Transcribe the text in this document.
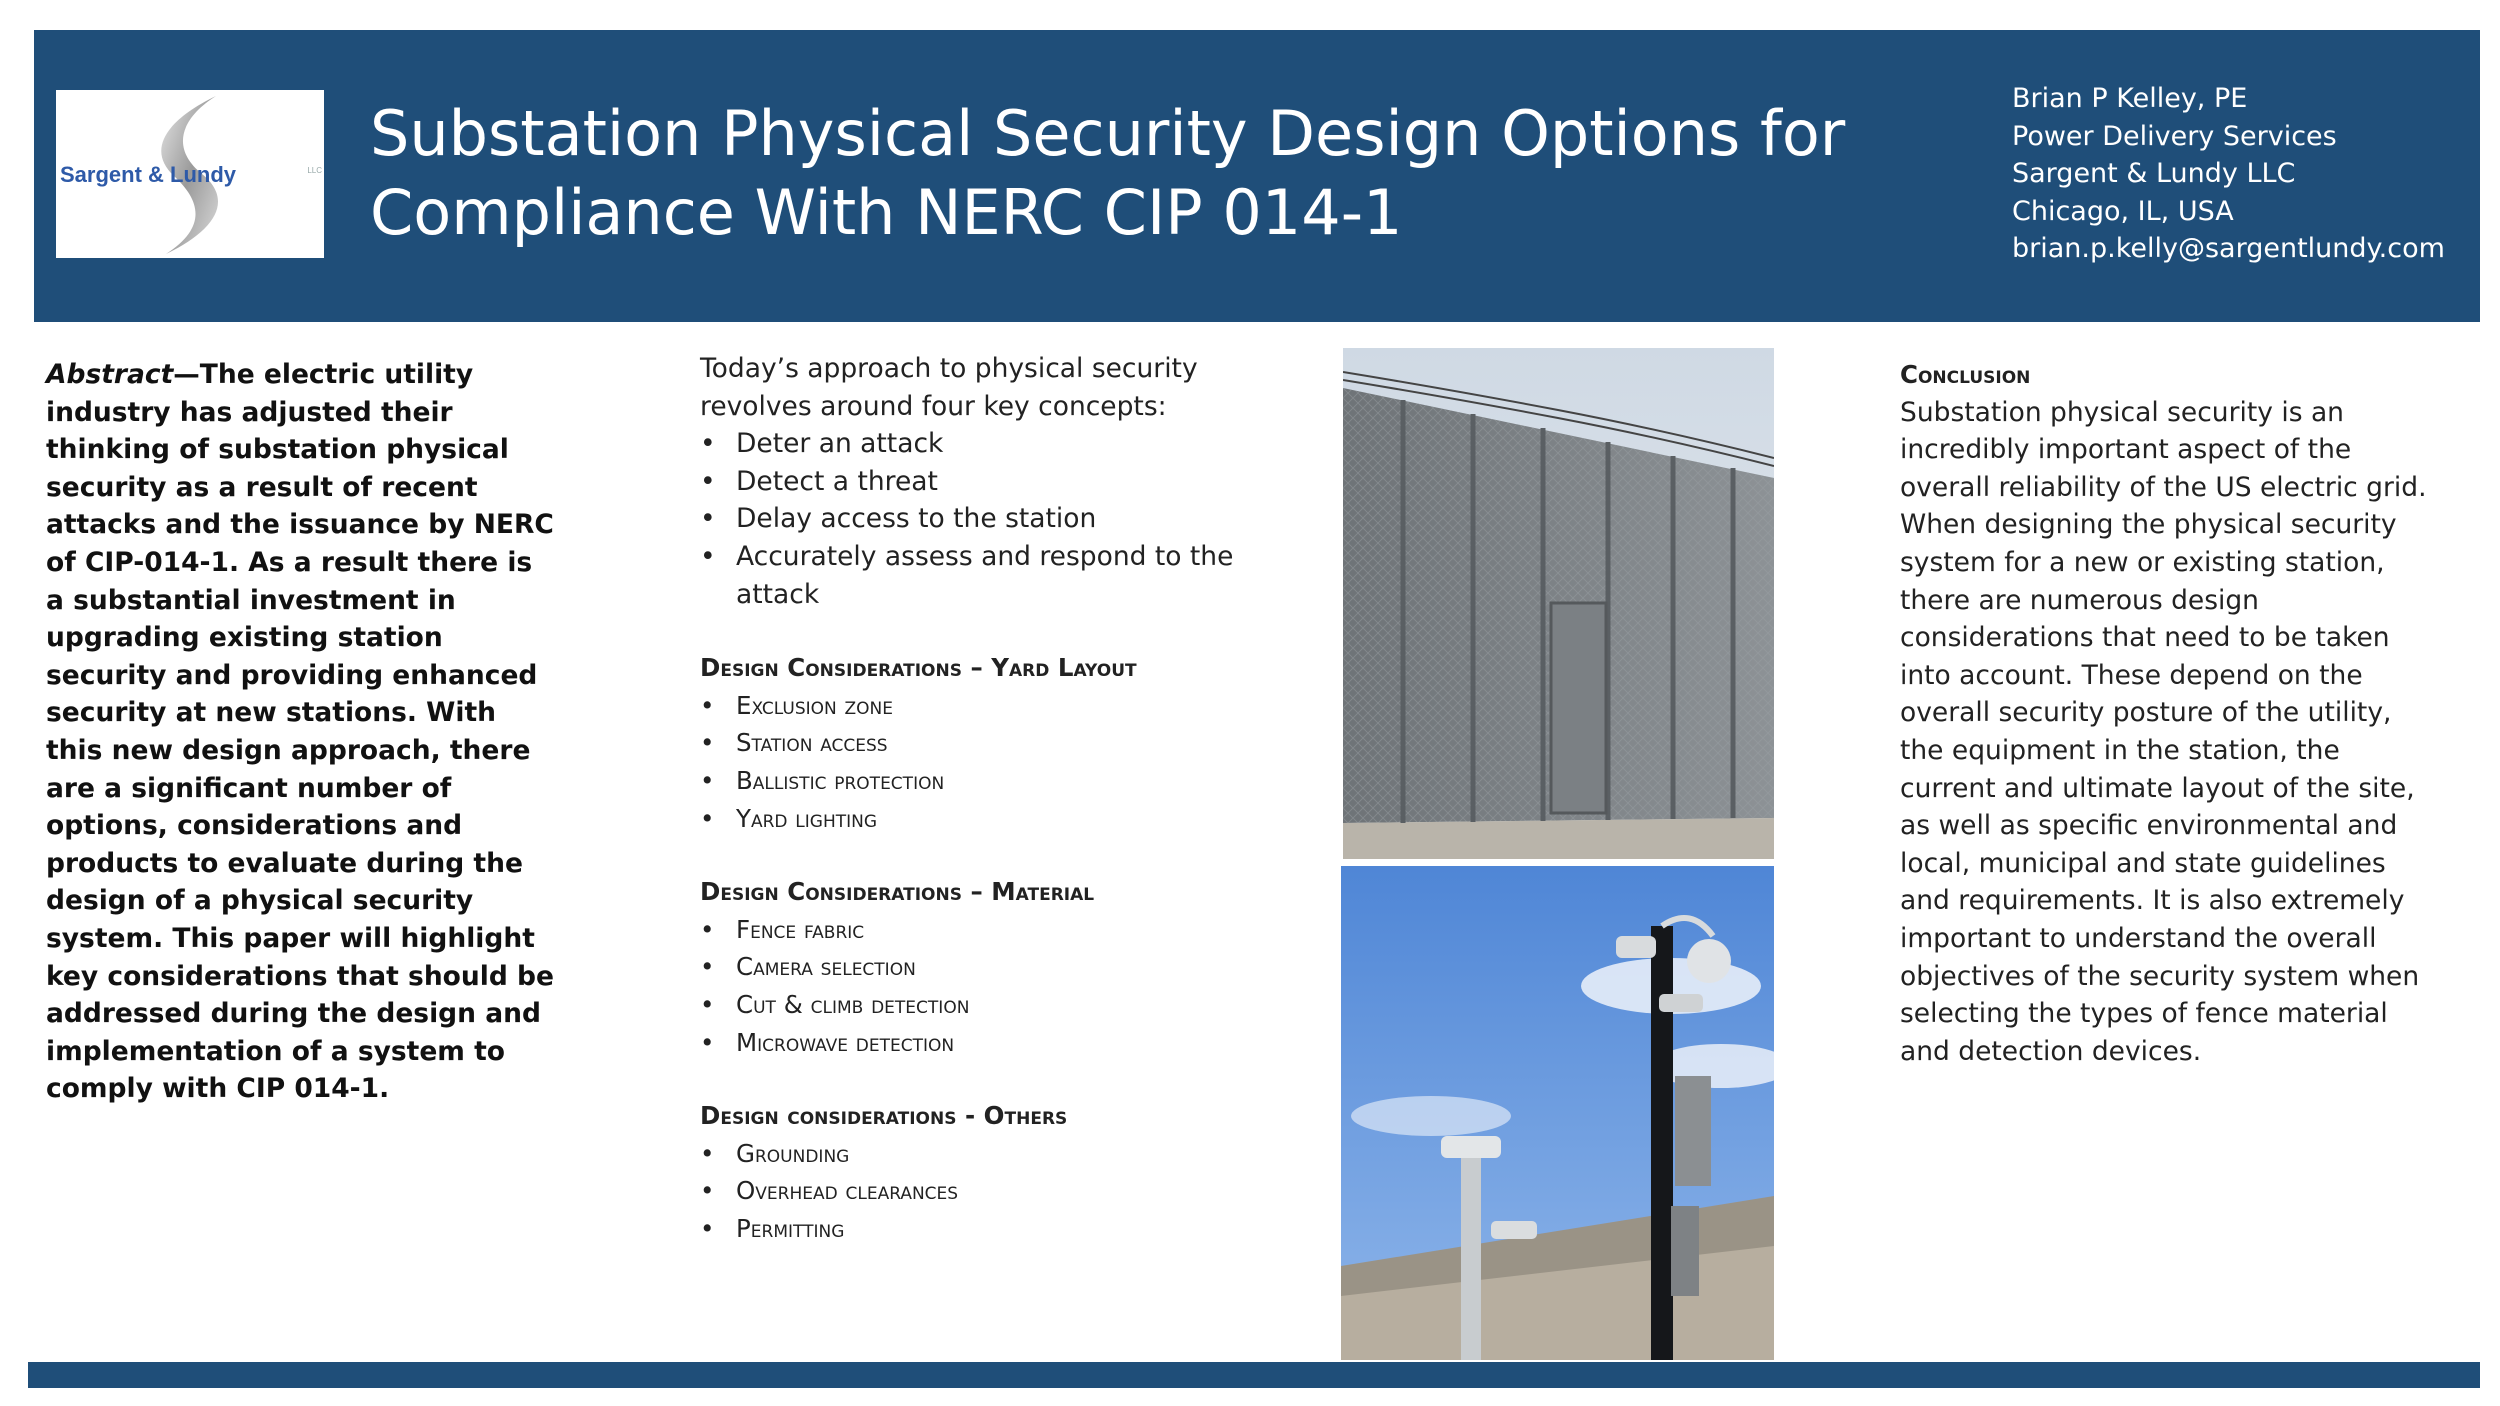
Sargent & Lundy	LLC
Substation Physical Security Design Options for
Compliance With NERC CIP 014-1
Brian P Kelley, PE
Power Delivery Services
Sargent & Lundy LLC
Chicago, IL, USA
brian.p.kelly@sargentlundy.com
Abstract—The electric utility industry has adjusted their thinking of substation physical security as a result of recent attacks and the issuance by NERC of CIP-014-1. As a result there is a substantial investment in upgrading existing station security and providing enhanced security at new stations. With this new design approach, there are a significant number of options, considerations and products to evaluate during the design of a physical security system. This paper will highlight key considerations that should be addressed during the design and implementation of a system to comply with CIP 014-1.

Today’s approach to physical security revolves around four key concepts:

• Deter an attack
• Detect a threat
• Delay access to the station
• Accurately assess and respond to the attack
Design Considerations – Yard Layout
• Exclusion zone
• Station access
• Ballistic protection
• Yard lighting
Design Considerations – Material
• Fence fabric
• Camera selection
• Cut & climb detection
• Microwave detection
Design considerations - Others
• Grounding
• Overhead clearances
• Permitting
Conclusion
Substation physical security is an incredibly important aspect of the overall reliability of the US electric grid. When designing the physical security system for a new or existing station, there are numerous design considerations that need to be taken into account. These depend on the overall security posture of the utility, the equipment in the station, the current and ultimate layout of the site, as well as specific environmental and local, municipal and state guidelines and requirements. It is also extremely important to understand the overall objectives of the security system when selecting the types of fence material and detection devices.
